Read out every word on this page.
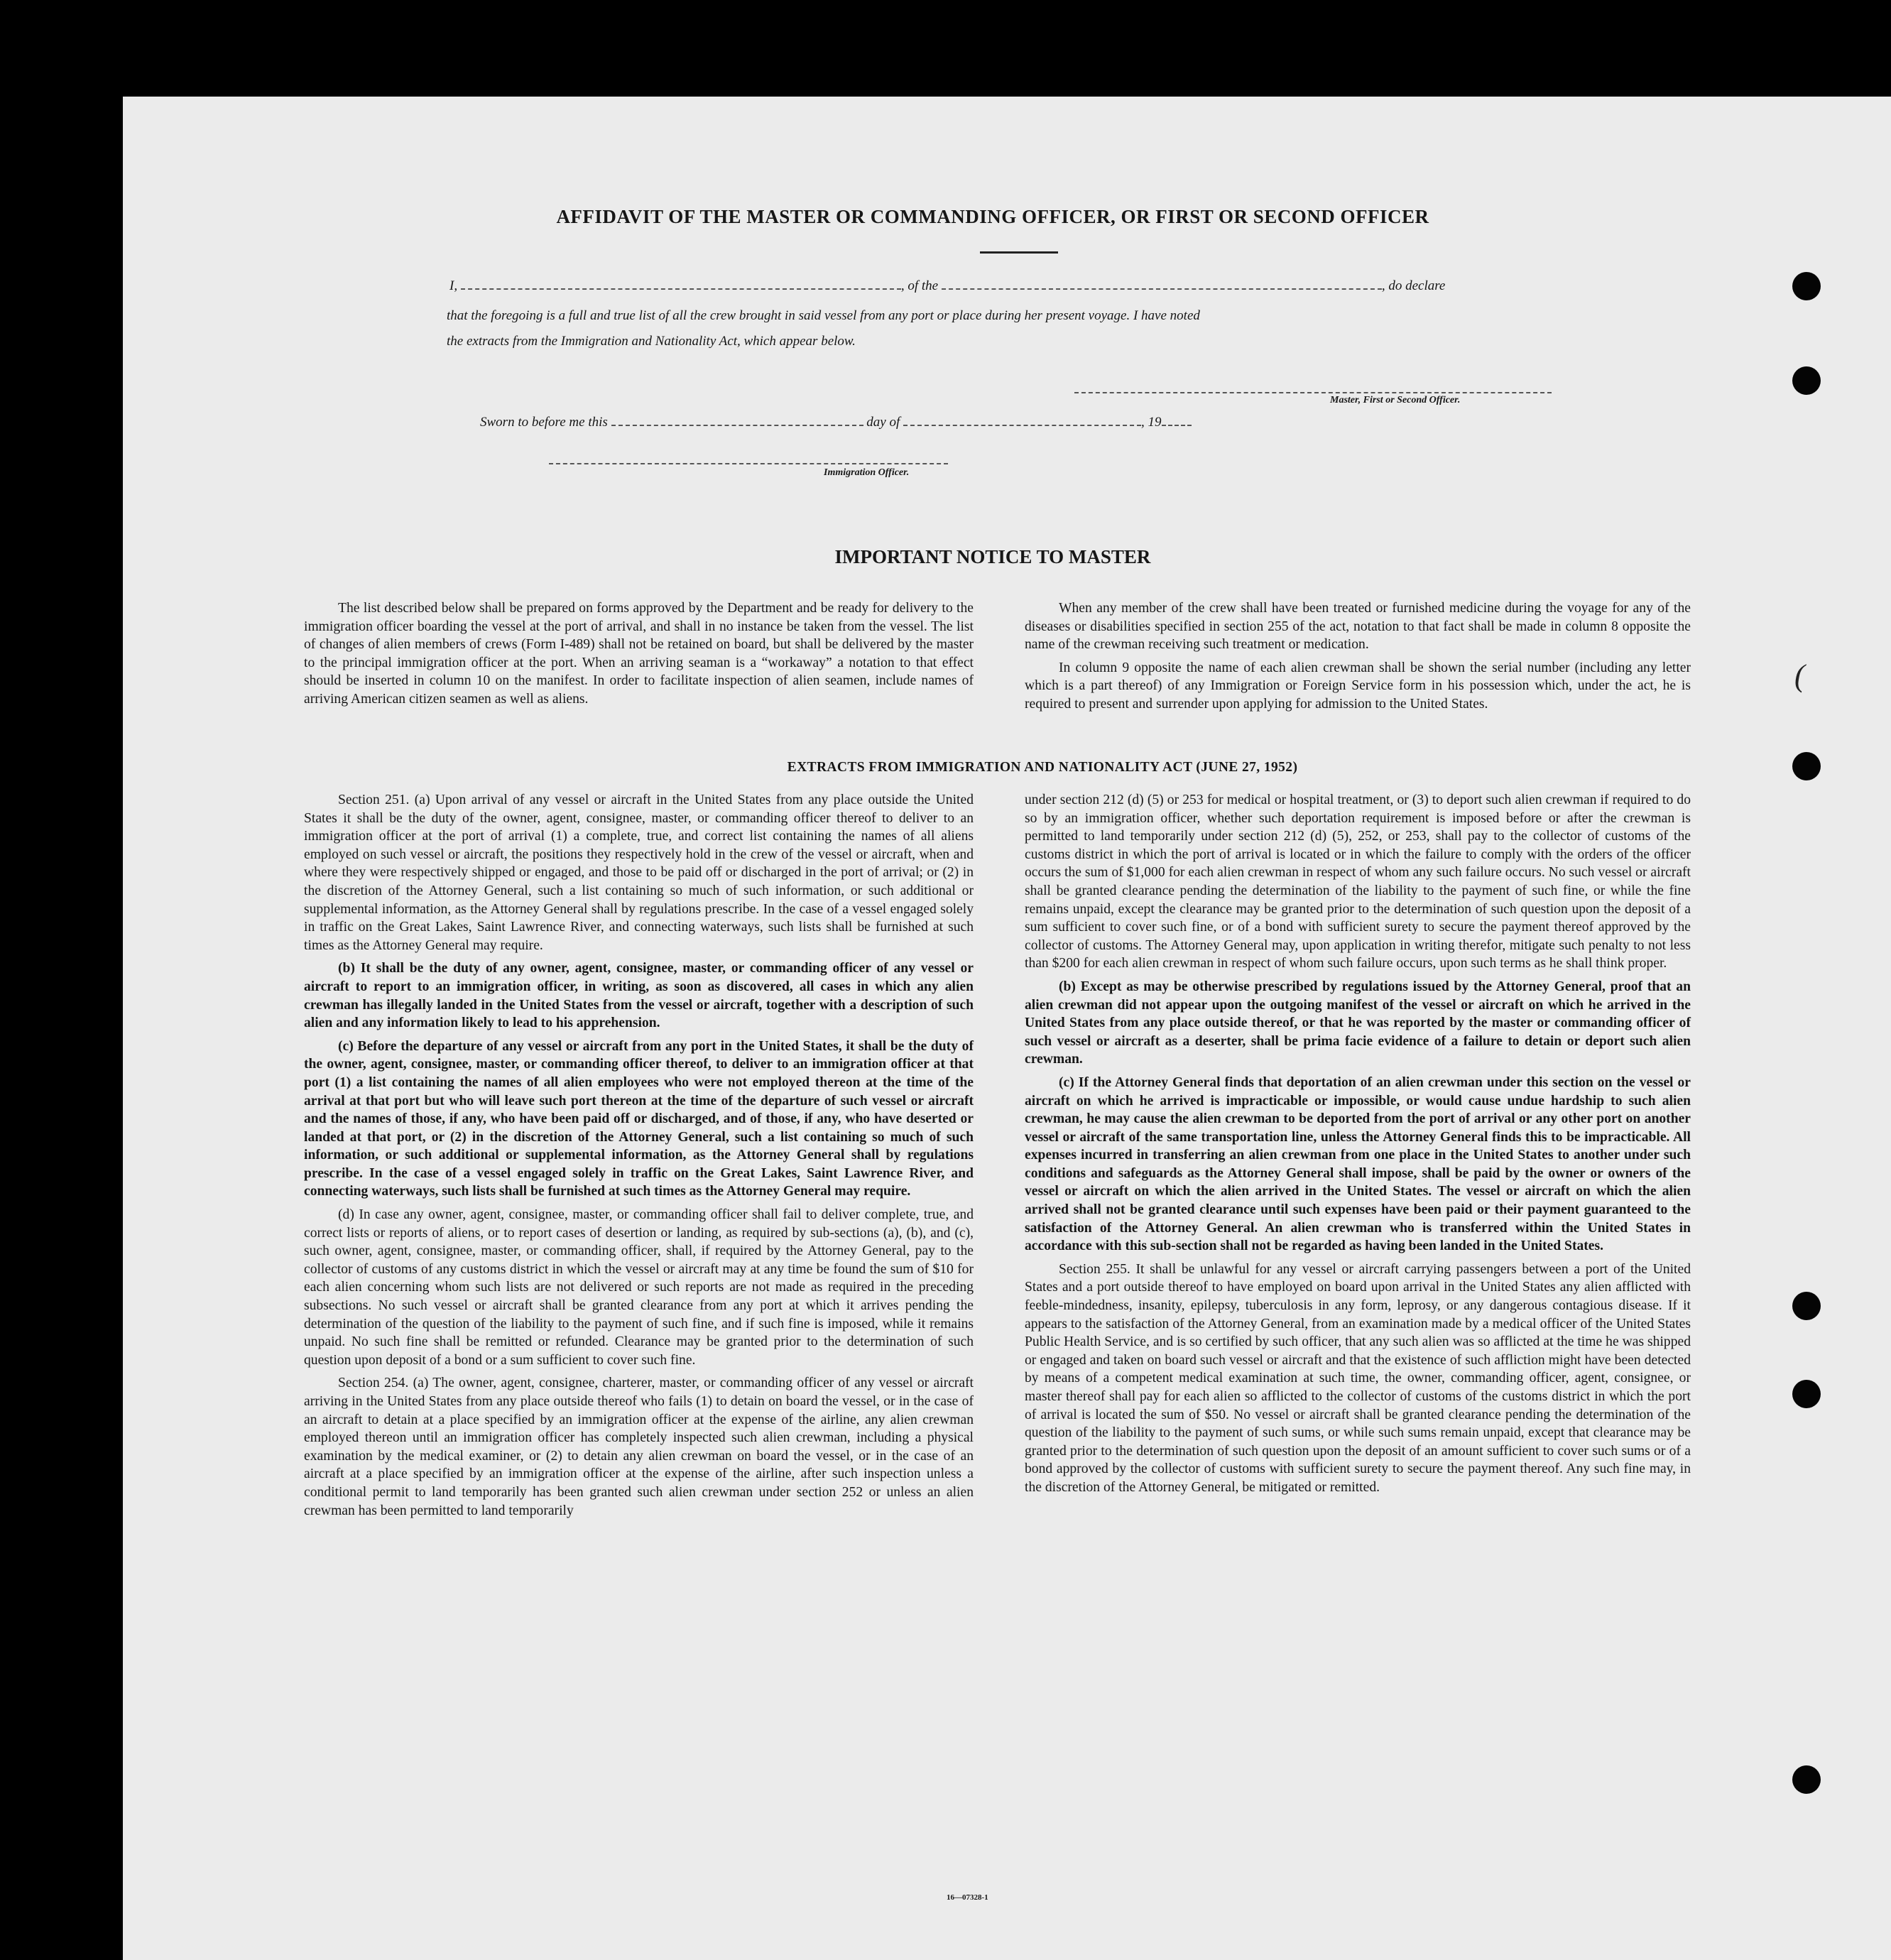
(
AFFIDAVIT OF THE MASTER OR COMMANDING OFFICER, OR FIRST OR SECOND OFFICER
I,	, of the	, do declare
that the foregoing is a full and true list of all the crew brought in said vessel from any port or place during her present voyage. I have noted
the extracts from the Immigration and Nationality Act, which appear below.
Master, First or Second Officer.
Sworn to before me this	day of	, 19
Immigration Officer.
IMPORTANT NOTICE TO MASTER

The list described below shall be prepared on forms approved by the Department and be ready for delivery to the immigration officer boarding the vessel at the port of arrival, and shall in no instance be taken from the vessel. The list of changes of alien members of crews (Form I-489) shall not be retained on board, but shall be delivered by the master to the principal immigration officer at the port. When an arriving seaman is a “workaway” a notation to that effect should be inserted in column 10 on the manifest. In order to facilitate inspection of alien seamen, include names of arriving American citizen seamen as well as aliens.

When any member of the crew shall have been treated or furnished medicine during the voyage for any of the diseases or disabilities specified in section 255 of the act, notation to that fact shall be made in column 8 opposite the name of the crewman receiving such treatment or medication.

In column 9 opposite the name of each alien crewman shall be shown the serial number (including any letter which is a part thereof) of any Immigration or Foreign Service form in his possession which, under the act, he is required to present and surrender upon applying for admission to the United States.

EXTRACTS FROM IMMIGRATION AND NATIONALITY ACT (JUNE 27, 1952)

Section 251. (a) Upon arrival of any vessel or aircraft in the United States from any place outside the United States it shall be the duty of the owner, agent, consignee, master, or commanding officer thereof to deliver to an immigration officer at the port of arrival (1) a complete, true, and correct list containing the names of all aliens employed on such vessel or aircraft, the positions they respectively hold in the crew of the vessel or aircraft, when and where they were respectively shipped or engaged, and those to be paid off or discharged in the port of arrival; or (2) in the discretion of the Attorney General, such a list containing so much of such information, or such additional or supplemental information, as the Attorney General shall by regulations prescribe. In the case of a vessel engaged solely in traffic on the Great Lakes, Saint Lawrence River, and connecting waterways, such lists shall be furnished at such times as the Attorney General may require.

(b) It shall be the duty of any owner, agent, consignee, master, or commanding officer of any vessel or aircraft to report to an immigration officer, in writing, as soon as discovered, all cases in which any alien crewman has illegally landed in the United States from the vessel or aircraft, together with a description of such alien and any information likely to lead to his apprehension.

(c) Before the departure of any vessel or aircraft from any port in the United States, it shall be the duty of the owner, agent, consignee, master, or commanding officer thereof, to deliver to an immigration officer at that port (1) a list containing the names of all alien employees who were not employed thereon at the time of the arrival at that port but who will leave such port thereon at the time of the departure of such vessel or aircraft and the names of those, if any, who have been paid off or discharged, and of those, if any, who have deserted or landed at that port, or (2) in the discretion of the Attorney General, such a list containing so much of such information, or such additional or supplemental information, as the Attorney General shall by regulations prescribe. In the case of a vessel engaged solely in traffic on the Great Lakes, Saint Lawrence River, and connecting waterways, such lists shall be furnished at such times as the Attorney General may require.

(d) In case any owner, agent, consignee, master, or commanding officer shall fail to deliver complete, true, and correct lists or reports of aliens, or to report cases of desertion or landing, as required by sub-sections (a), (b), and (c), such owner, agent, consignee, master, or commanding officer, shall, if required by the Attorney General, pay to the collector of customs of any customs district in which the vessel or aircraft may at any time be found the sum of $10 for each alien concerning whom such lists are not delivered or such reports are not made as required in the preceding subsections. No such vessel or aircraft shall be granted clearance from any port at which it arrives pending the determination of the question of the liability to the payment of such fine, and if such fine is imposed, while it remains unpaid. No such fine shall be remitted or refunded. Clearance may be granted prior to the determination of such question upon deposit of a bond or a sum sufficient to cover such fine.

Section 254. (a) The owner, agent, consignee, charterer, master, or commanding officer of any vessel or aircraft arriving in the United States from any place outside thereof who fails (1) to detain on board the vessel, or in the case of an aircraft to detain at a place specified by an immigration officer at the expense of the airline, any alien crewman employed thereon until an immigration officer has completely inspected such alien crewman, including a physical examination by the medical examiner, or (2) to detain any alien crewman on board the vessel, or in the case of an aircraft at a place specified by an immigration officer at the expense of the airline, after such inspection unless a conditional permit to land temporarily has been granted such alien crewman under section 252 or unless an alien crewman has been permitted to land temporarily

under section 212 (d) (5) or 253 for medical or hospital treatment, or (3) to deport such alien crewman if required to do so by an immigration officer, whether such deportation requirement is imposed before or after the crewman is permitted to land temporarily under section 212 (d) (5), 252, or 253, shall pay to the collector of customs of the customs district in which the port of arrival is located or in which the failure to comply with the orders of the officer occurs the sum of $1,000 for each alien crewman in respect of whom any such failure occurs. No such vessel or aircraft shall be granted clearance pending the determination of the liability to the payment of such fine, or while the fine remains unpaid, except the clearance may be granted prior to the determination of such question upon the deposit of a sum sufficient to cover such fine, or of a bond with sufficient surety to secure the payment thereof approved by the collector of customs. The Attorney General may, upon application in writing therefor, mitigate such penalty to not less than $200 for each alien crewman in respect of whom such failure occurs, upon such terms as he shall think proper.

(b) Except as may be otherwise prescribed by regulations issued by the Attorney General, proof that an alien crewman did not appear upon the outgoing manifest of the vessel or aircraft on which he arrived in the United States from any place outside thereof, or that he was reported by the master or commanding officer of such vessel or aircraft as a deserter, shall be prima facie evidence of a failure to detain or deport such alien crewman.

(c) If the Attorney General finds that deportation of an alien crewman under this section on the vessel or aircraft on which he arrived is impracticable or impossible, or would cause undue hardship to such alien crewman, he may cause the alien crewman to be deported from the port of arrival or any other port on another vessel or aircraft of the same transportation line, unless the Attorney General finds this to be impracticable. All expenses incurred in transferring an alien crewman from one place in the United States to another under such conditions and safeguards as the Attorney General shall impose, shall be paid by the owner or owners of the vessel or aircraft on which the alien arrived in the United States. The vessel or aircraft on which the alien arrived shall not be granted clearance until such expenses have been paid or their payment guaranteed to the satisfaction of the Attorney General. An alien crewman who is transferred within the United States in accordance with this sub-section shall not be regarded as having been landed in the United States.

Section 255. It shall be unlawful for any vessel or aircraft carrying passengers between a port of the United States and a port outside thereof to have employed on board upon arrival in the United States any alien afflicted with feeble-mindedness, insanity, epilepsy, tuberculosis in any form, leprosy, or any dangerous contagious disease. If it appears to the satisfaction of the Attorney General, from an examination made by a medical officer of the United States Public Health Service, and is so certified by such officer, that any such alien was so afflicted at the time he was shipped or engaged and taken on board such vessel or aircraft and that the existence of such affliction might have been detected by means of a competent medical examination at such time, the owner, commanding officer, agent, consignee, or master thereof shall pay for each alien so afflicted to the collector of customs of the customs district in which the port of arrival is located the sum of $50. No vessel or aircraft shall be granted clearance pending the determination of the question of the liability to the payment of such sums, or while such sums remain unpaid, except that clearance may be granted prior to the determination of such question upon the deposit of an amount sufficient to cover such sums or of a bond approved by the collector of customs with sufficient surety to secure the payment thereof. Any such fine may, in the discretion of the Attorney General, be mitigated or remitted.

16—07328-1
